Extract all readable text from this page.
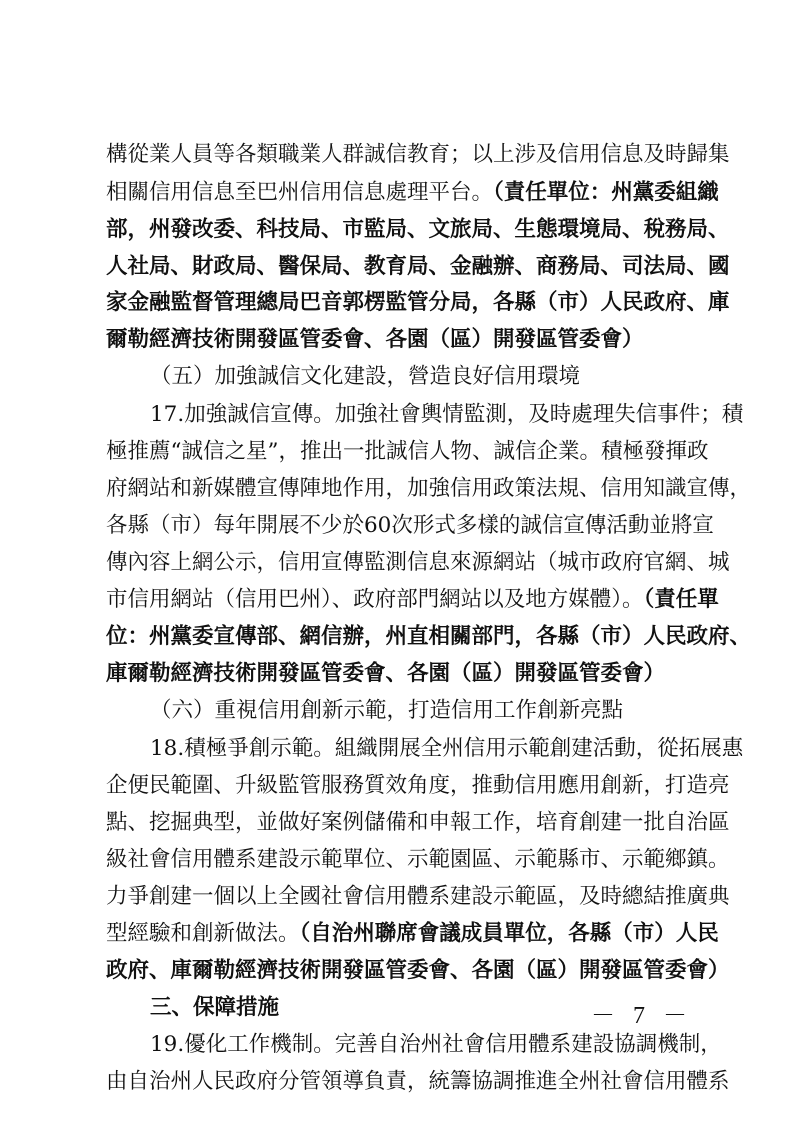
構從業人員等各類職業人群誠信教育；以上涉及信用信息及時歸集
相關信用信息至巴州信用信息處理平台。（責任單位：州黨委組織
部，州發改委、科技局、市監局、文旅局、生態環境局、稅務局、
人社局、財政局、醫保局、教育局、金融辦、商務局、司法局、國
家金融監督管理總局巴音郭楞監管分局，各縣（市）人民政府、庫
爾勒經濟技術開發區管委會、各園（區）開發區管委會）
（五）加強誠信文化建設，營造良好信用環境
17.加強誠信宣傳。加強社會輿情監測，及時處理失信事件；積
極推薦“誠信之星”，推出一批誠信人物、誠信企業。積極發揮政
府網站和新媒體宣傳陣地作用，加強信用政策法規、信用知識宣傳，
各縣（市）每年開展不少於60次形式多樣的誠信宣傳活動並將宣
傳內容上網公示，信用宣傳監測信息來源網站（城市政府官網、城
市信用網站（信用巴州）、政府部門網站以及地方媒體）。（責任單
位：州黨委宣傳部、網信辦，州直相關部門，各縣（市）人民政府、
庫爾勒經濟技術開發區管委會、各園（區）開發區管委會）
（六）重視信用創新示範，打造信用工作創新亮點
18.積極爭創示範。組織開展全州信用示範創建活動，從拓展惠
企便民範圍、升級監管服務質效角度，推動信用應用創新，打造亮
點、挖掘典型，並做好案例儲備和申報工作，培育創建一批自治區
級社會信用體系建設示範單位、示範園區、示範縣市、示範鄉鎮。
力爭創建一個以上全國社會信用體系建設示範區，及時總結推廣典
型經驗和創新做法。（自治州聯席會議成員單位，各縣（市）人民
政府、庫爾勒經濟技術開發區管委會、各園（區）開發區管委會）
三、保障措施
19.優化工作機制。完善自治州社會信用體系建設協調機制，
由自治州人民政府分管領導負責，統籌協調推進全州社會信用體系
－ 7 －
